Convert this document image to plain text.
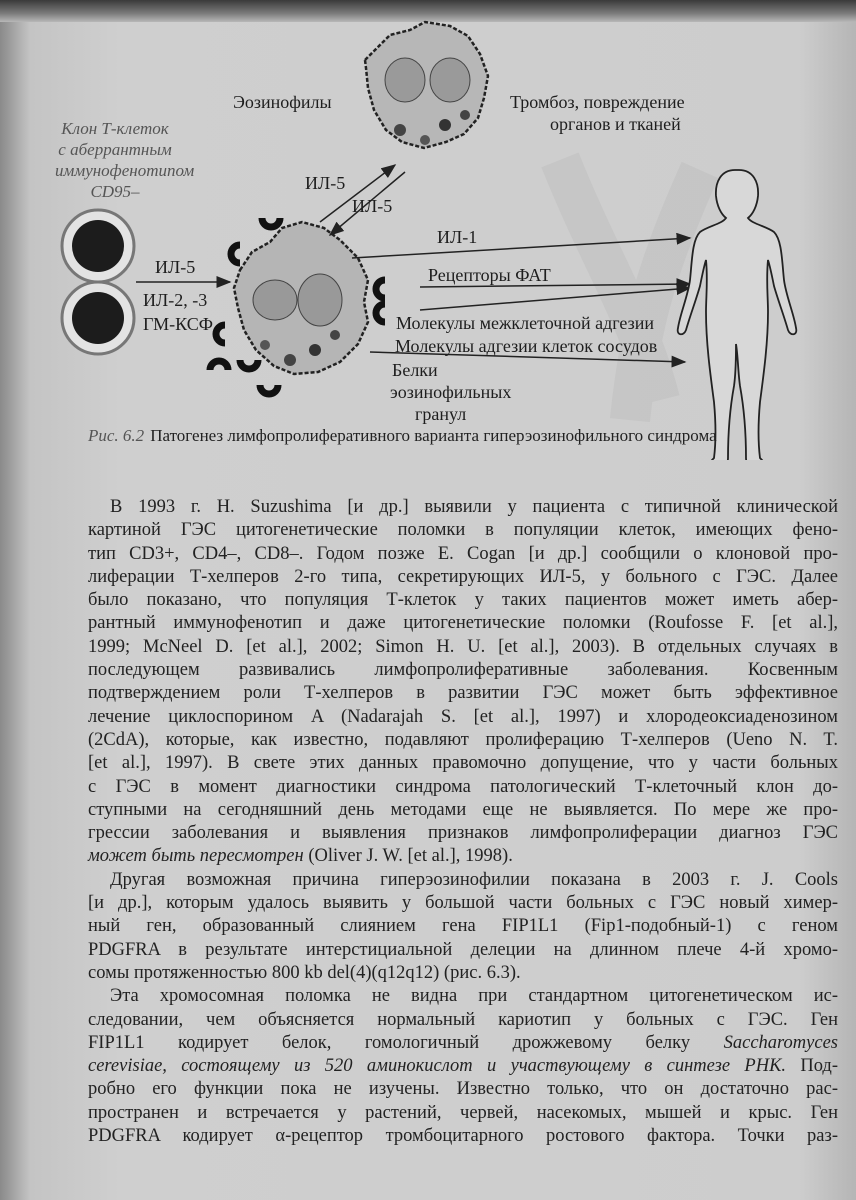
Эозинофилы	Тромбоз, повреждение
органов и тканей
Клон Т-клеток
с аберрантным
иммунофенотипом
CD95–	ИЛ-5
ИЛ-5
ИЛ-5
ИЛ-2, -3
ГМ-КСФ
ИЛ-1
Рецепторы ФАТ
Молекулы межклеточной адгезии
Молекулы адгезии клеток сосудов
Белки
эозинофильных
гранул
Рис. 6.2 Патогенез лимфопролиферативного варианта гиперэозинофильного синдрома
В 1993 г. H. Suzushima [и др.] выявили у пациента с типичной клинической
картиной ГЭС цитогенетические поломки в популяции клеток, имеющих фено-
тип CD3+, CD4–, CD8–. Годом позже E. Cogan [и др.] сообщили о клоновой про-
лиферации Т-хелперов 2-го типа, секретирующих ИЛ-5, у больного с ГЭС. Далее
было показано, что популяция Т-клеток у таких пациентов может иметь абер-
рантный иммунофенотип и даже цитогенетические поломки (Roufosse F. [et al.],
1999; McNeel D. [et al.], 2002; Simon H. U. [et al.], 2003). В отдельных случаях в
последующем развивались лимфопролиферативные заболевания. Косвенным
подтверждением роли Т-хелперов в развитии ГЭС может быть эффективное
лечение циклоспорином A (Nadarajah S. [et al.], 1997) и хлородеоксиаденозином
(2CdA), которые, как известно, подавляют пролиферацию Т-хелперов (Ueno N. T.
[et al.], 1997). В свете этих данных правомочно допущение, что у части больных
с ГЭС в момент диагностики синдрома патологический Т-клеточный клон до-
ступными на сегодняшний день методами еще не выявляется. По мере же про-
грессии заболевания и выявления признаков лимфопролиферации диагноз ГЭС
может быть пересмотрен (Oliver J. W. [et al.], 1998).
Другая возможная причина гиперэозинофилии показана в 2003 г. J. Cools
[и др.], которым удалось выявить у большой части больных с ГЭС новый химер-
ный ген, образованный слиянием гена FIP1L1 (Fip1-подобный-1) с геном
PDGFRA в результате интерстициальной делеции на длинном плече 4-й хромо-
сомы протяженностью 800 kb del(4)(q12q12) (рис. 6.3).
Эта хромосомная поломка не видна при стандартном цитогенетическом ис-
следовании, чем объясняется нормальный кариотип у больных с ГЭС. Ген
FIP1L1 кодирует белок, гомологичный дрожжевому белку Saccharomyces
cerevisiae, состоящему из 520 аминокислот и участвующему в синтезе РНК. Под-
робно его функции пока не изучены. Известно только, что он достаточно рас-
пространен и встречается у растений, червей, насекомых, мышей и крыс. Ген
PDGFRA кодирует α-рецептор тромбоцитарного ростового фактора. Точки раз-
